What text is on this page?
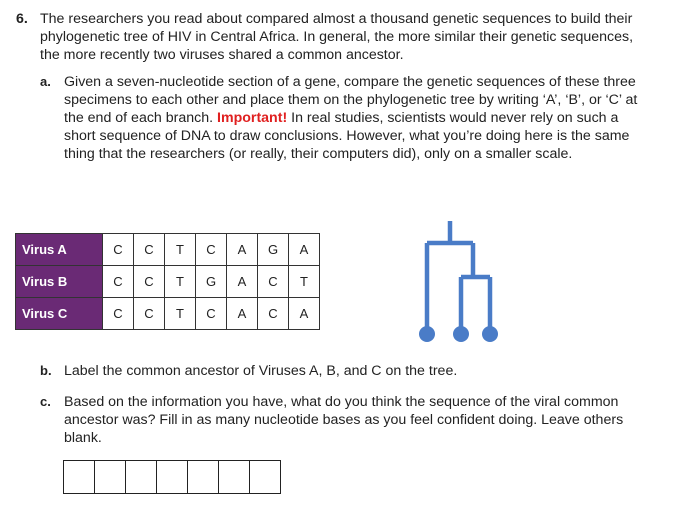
6. The researchers you read about compared almost a thousand genetic sequences to build their phylogenetic tree of HIV in Central Africa. In general, the more similar their genetic sequences, the more recently two viruses shared a common ancestor.
a. Given a seven-nucleotide section of a gene, compare the genetic sequences of these three specimens to each other and place them on the phylogenetic tree by writing ‘A’, ‘B’, or ‘C’ at the end of each branch. Important! In real studies, scientists would never rely on such a short sequence of DNA to draw conclusions. However, what you’re doing here is the same thing that the researchers (or really, their computers did), only on a smaller scale.
Virus A	C	C	T	C	A	G	A
Virus B	C	C	T	G	A	C	T
Virus C	C	C	T	C	A	C	A
b. Label the common ancestor of Viruses A, B, and C on the tree.
c. Based on the information you have, what do you think the sequence of the viral common ancestor was? Fill in as many nucleotide bases as you feel confident doing. Leave others blank.
